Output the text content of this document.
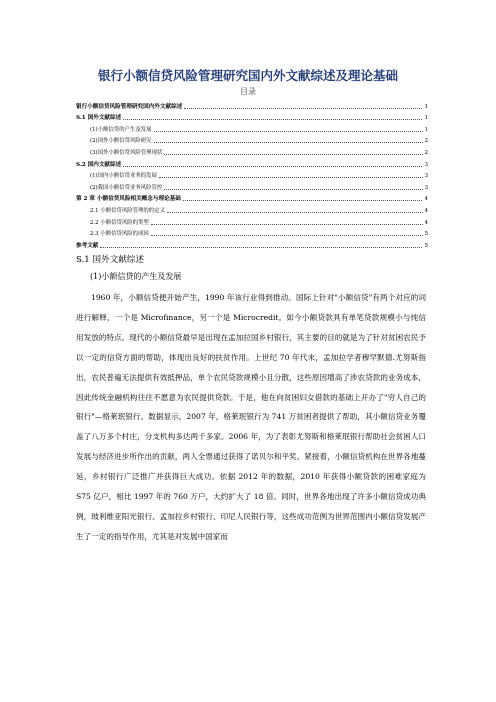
银行小额信贷风险管理研究国内外文献综述及理论基础
目录
银行小额信贷风险管理研究国内外文献综述	1
S.1 国外文献综述	1
(1)小额信贷的产生及发展	1
(2)国外小额信贷风险研究	2
(3)国外小额信贷风险管理现状	2
S.2 国内文献综述	3
(1)国内小额信贷业务的发展	3
(2)我国小额信贷业务风险管控	3
第 2 章 小额信贷风险相关概念与理论基础	4
2.1 小额信贷风险管理的的定义	4
2.2 小额信贷风险的类型	4
2.3 小额信贷风险的成因	5
参考文献	5
S.1 国外文献综述
(1)小额信贷的产生及发展

1960 年，小额信贷便开始产生，1990 年该行业得到推动。国际上针对"小额信贷"有两个对应的词进行解释，一个是 Microfinance，另一个是 Microcredit。如今小额贷款具有单笔贷款规模小与纯信用发放的特点。现代的小额信贷最早是出现在孟加拉国乡村银行，其主要的目的就是为了针对贫困农民予以一定的信贷方面的帮助，体现出良好的扶贫作用。上世纪 70 年代末，孟加拉学者穆罕默德.尤努斯指出，农民普遍无法提供有效抵押品，单个农民贷款规模小且分散，这些原因增高了涉农贷款的业务成本，因此传统金融机构往往不愿意为农民提供贷款。于是，他在向贫困妇女借款的基础上开办了"穷人自己的银行"—格莱珉银行。数据显示，2007 年，格莱珉银行为 741 万贫困者提供了帮助，其小额信贷业务覆盖了八万多个村庄，分支机构多达两千多家。2006 年，为了表彰尤努斯和格莱珉银行帮助社会贫困人口发展与经济进步所作出的贡献，两人全票通过获得了诺贝尔和平奖。紧接着，小额信贷机构在世界各地蔓延，乡村银行广泛推广并获得巨大成功。依据 2012 年的数据，2010 年获得小额贷款的困难家庭为 S75 亿户，相比 1997 年的 760 万户，大约扩大了 18 倍。同时，世界各地出现了许多小额信贷成功典例，玻利维亚阳光银行、孟加拉乡村银行、印尼人民银行等，这些成功范例为世界范围内小额信贷发展产生了一定的指导作用，尤其是对发展中国家而
